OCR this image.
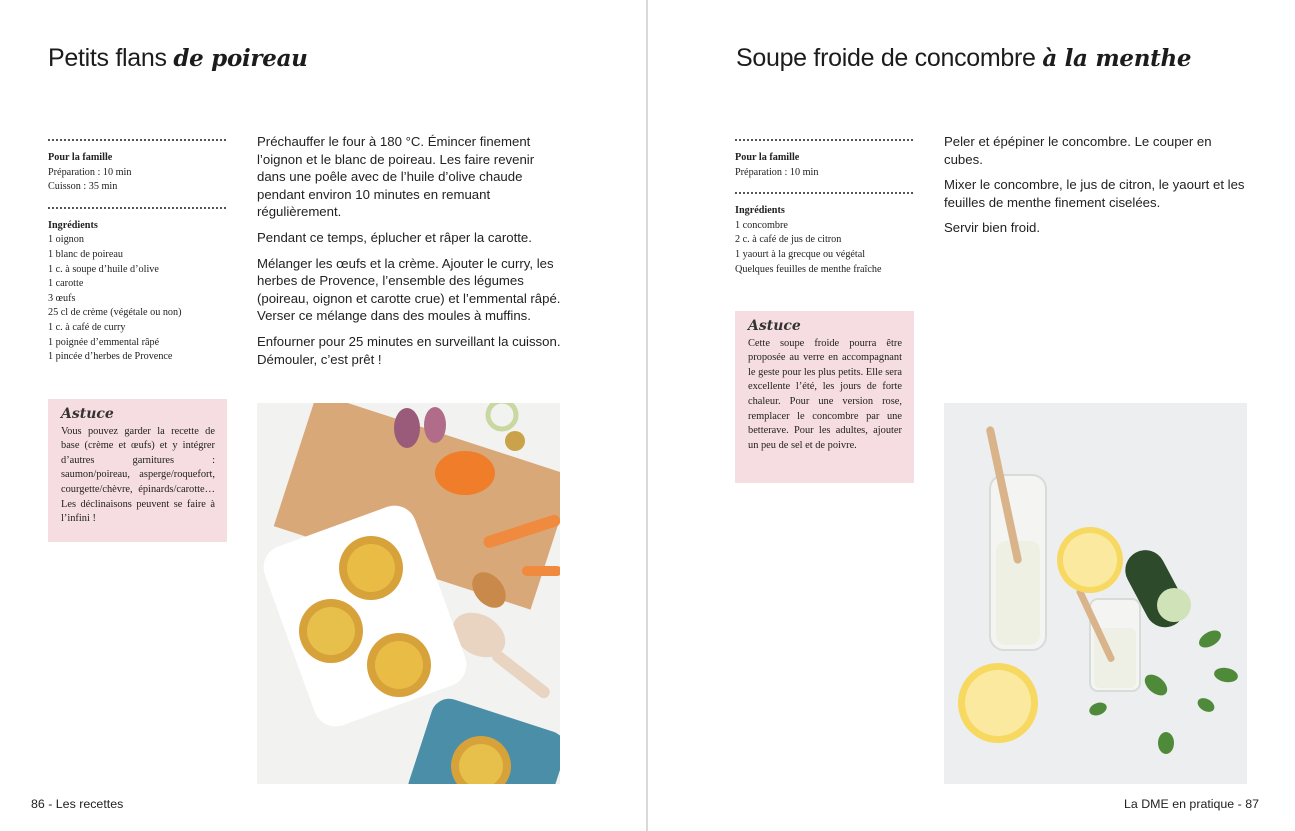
Petits flans de poireau
Pour la famille
Préparation : 10 min
Cuisson : 35 min
Ingrédients
1 oignon
1 blanc de poireau
1 c. à soupe d’huile d’olive
1 carotte
3 œufs
25 cl de crème (végétale ou non)
1 c. à café de curry
1 poignée d’emmental râpé
1 pincée d’herbes de Provence

Préchauffer le four à 180 °C. Émincer finement l’oignon et le blanc de poireau. Les faire revenir dans une poêle avec de l’huile d’olive chaude pendant environ 10 minutes en remuant régulièrement.

Pendant ce temps, éplucher et râper la carotte.

Mélanger les œufs et la crème. Ajouter le curry, les herbes de Provence, l’ensemble des légumes (poireau, oignon et carotte crue) et l’emmental râpé. Verser ce mélange dans des moules à muffins.

Enfourner pour 25 minutes en surveillant la cuisson. Démouler, c’est prêt !

Astuce
Vous pouvez garder la recette de base (crème et œufs) et y intégrer d’autres garnitures : saumon/poireau, asperge/roquefort, courgette/chèvre, épinards/carotte… Les déclinaisons peuvent se faire à l’infini !
86 - Les recettes
Soupe froide de concombre à la menthe
Pour la famille
Préparation : 10 min
Ingrédients
1 concombre
2 c. à café de jus de citron
1 yaourt à la grecque ou végétal
Quelques feuilles de menthe fraîche

Peler et épépiner le concombre. Le couper en cubes.

Mixer le concombre, le jus de citron, le yaourt et les feuilles de menthe finement ciselées.

Servir bien froid.

Astuce
Cette soupe froide pourra être proposée au verre en accompagnant le geste pour les plus petits. Elle sera excellente l’été, les jours de forte chaleur. Pour une version rose, remplacer le concombre par une betterave. Pour les adultes, ajouter un peu de sel et de poivre.
La DME en pratique - 87
